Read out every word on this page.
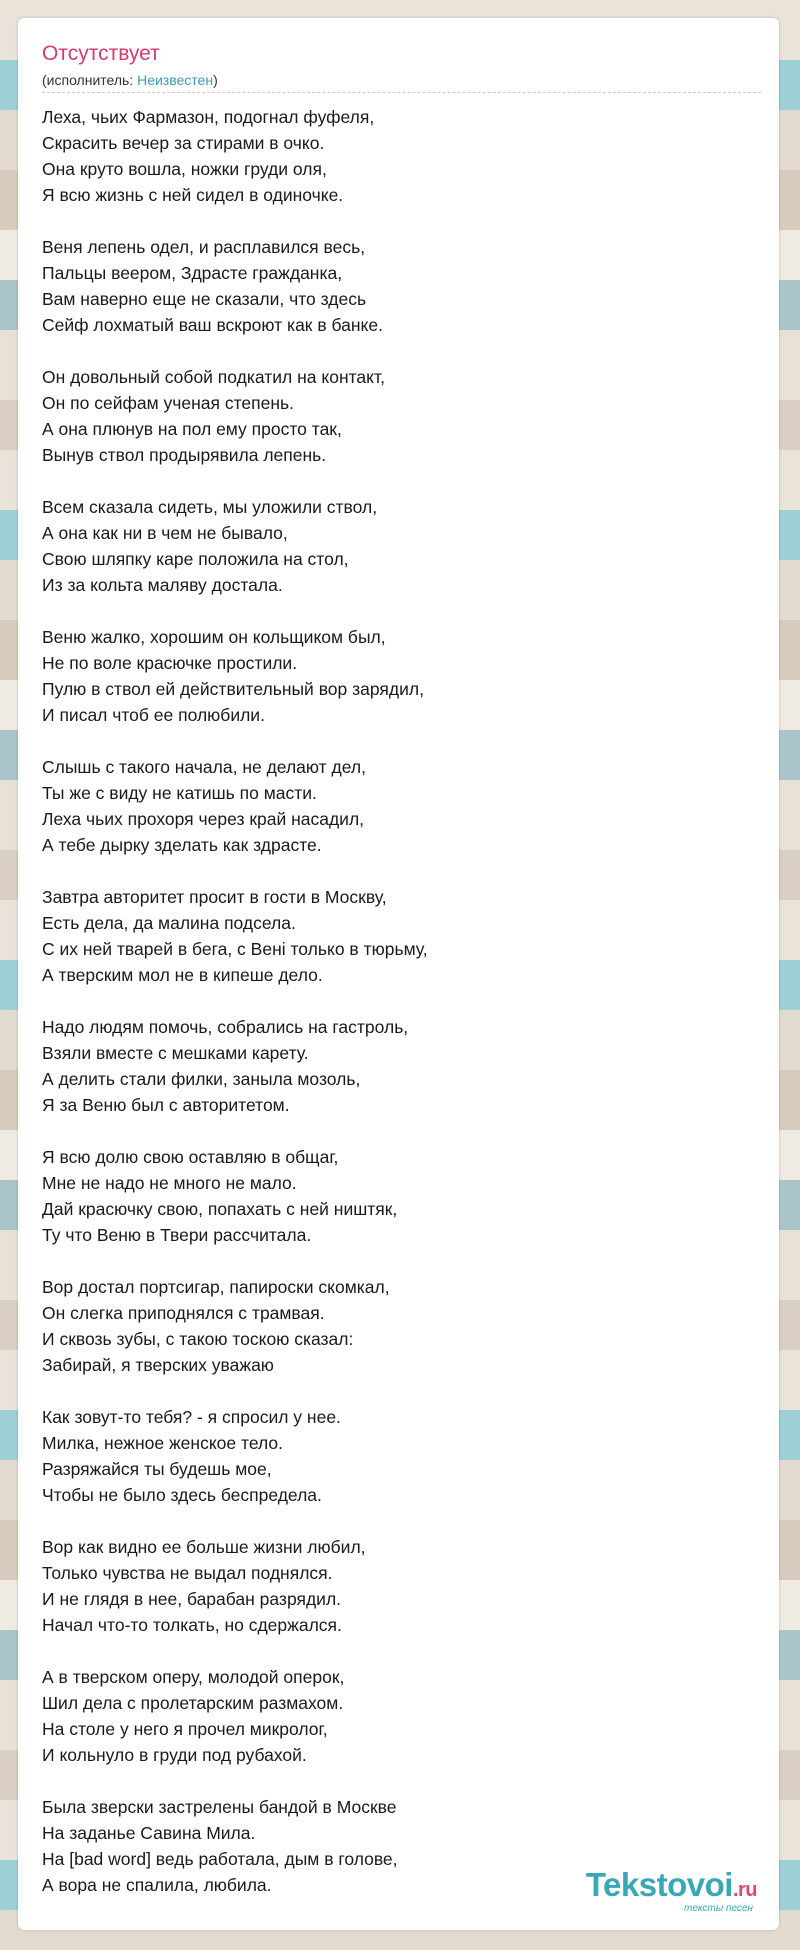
Отсутствует
(исполнитель: Неизвестен)
Леха, чьих Фармазон, подогнал фуфеля,
Скрасить вечер за стирами в очко.
Она круто вошла, ножки груди оля,
Я всю жизнь с ней сидел в одиночке.
Веня лепень одел, и расплавился весь,
Пальцы веером, Здрасте гражданка,
Вам наверно еще не сказали, что здесь
Сейф лохматый ваш вскроют как в банке.
Он довольный собой подкатил на контакт,
Он по сейфам ученая степень.
А она плюнув на пол ему просто так,
Вынув ствол продырявила лепень.
Всем сказала сидеть, мы уложили ствол,
А она как ни в чем не бывало,
Свою шляпку каре положила на стол,
Из за кольта маляву достала.
Веню жалко, хорошим он кольщиком был,
Не по воле красючке простили.
Пулю в ствол ей действительный вор зарядил,
И писал чтоб ее полюбили.
Слышь с такого начала, не делают дел,
Ты же с виду не катишь по масти.
Леха чьих прохоря через край насадил,
А тебе дырку зделать как здрасте.
Завтра авторитет просит в гости в Москву,
Есть дела, да малина подсела.
С их ней тварей в бега, с Вені только в тюрьму,
А тверским мол не в кипеше дело.
Надо людям помочь, собрались на гастроль,
Взяли вместе с мешками карету.
А делить стали филки, заныла мозоль,
Я за Веню был с авторитетом.
Я всю долю свою оставляю в общаг,
Мне не надо не много не мало.
Дай красючку свою, попахать с ней ништяк,
Ту что Веню в Твери рассчитала.
Вор достал портсигар, папироски скомкал,
Он слегка приподнялся с трамвая.
И сквозь зубы, с такою тоскою сказал:
Забирай, я тверских уважаю
Как зовут-то тебя? - я спросил у нее.
Милка, нежное женское тело.
Разряжайся ты будешь мое,
Чтобы не было здесь беспредела.
Вор как видно ее больше жизни любил,
Только чувства не выдал поднялся.
И не глядя в нее, барабан разрядил.
Начал что-то толкать, но сдержался.
А в тверском оперу, молодой оперок,
Шил дела с пролетарским размахом.
На столе у него я прочел микролог,
И кольнуло в груди под рубахой.
Была зверски застрелены бандой в Москве
На заданье Савина Мила.
На [bad word] ведь работала, дым в голове,
А вора не спалила, любила.	Tekstovoi.ru
тексты песен
